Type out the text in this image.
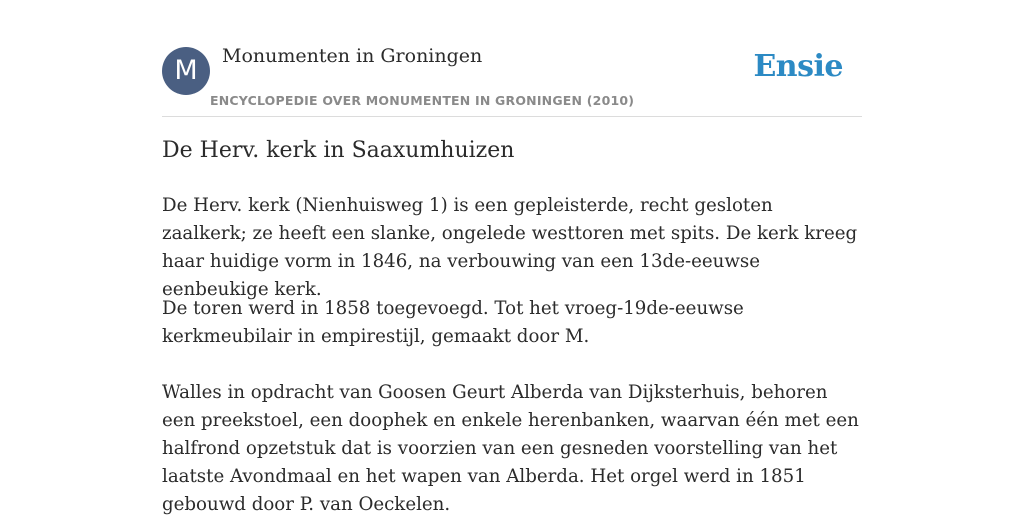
M	Monumenten in Groningen
ENCYCLOPEDIE OVER MONUMENTEN IN GRONINGEN (2010)
Ensie
De Herv. kerk in Saaxumhuizen

De Herv. kerk (Nienhuisweg 1) is een gepleisterde, recht gesloten zaalkerk; ze heeft een slanke, ongelede westtoren met spits. De kerk kreeg haar huidige vorm in 1846, na verbouwing van een 13de-eeuwse eenbeukige kerk.

De toren werd in 1858 toegevoegd. Tot het vroeg-19de-eeuwse kerkmeubilair in empirestijl, gemaakt door M.

Walles in opdracht van Goosen Geurt Alberda van Dijksterhuis, behoren een preekstoel, een doophek en enkele herenbanken, waarvan één met een halfrond opzetstuk dat is voorzien van een gesneden voorstelling van het laatste Avondmaal en het wapen van Alberda. Het orgel werd in 1851 gebouwd door P. van Oeckelen.
